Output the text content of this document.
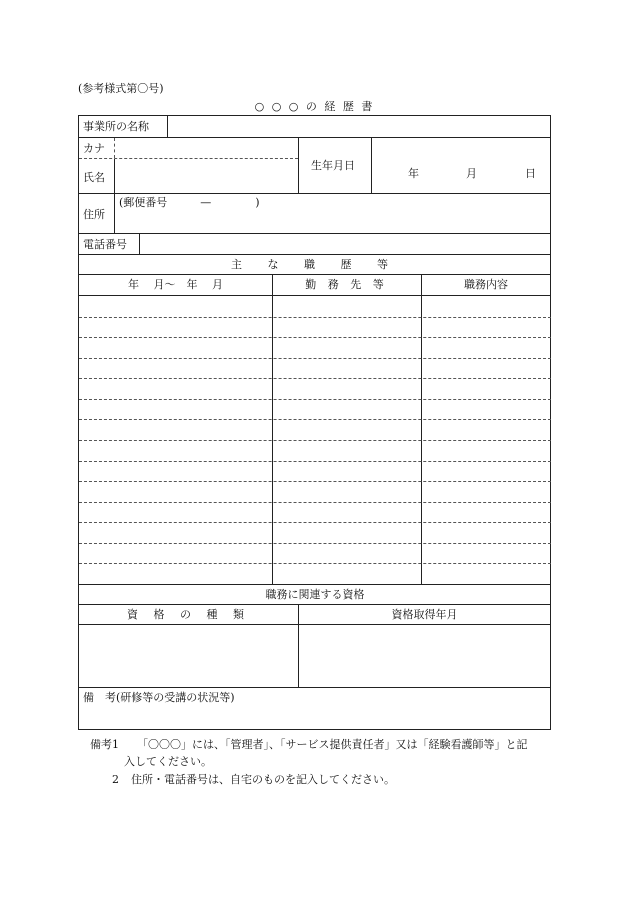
(参考様式第〇号)
○ ○ ○ の 経 歴 書
事業所の名称
カナ
氏名
生年月日
年	月	日
住所
(郵便番号　　　—　　　　)
電話番号
主 な 職 歴 等
年　 月〜　年　 月	勤 務 先 等	職務内容
職務に関連する資格
資 格 の 種 類	資格取得年月
備　考(研修等の受講の状況等)
備考1 「〇〇〇」には、「管理者」、「サービス提供責任者」又は「経験看護師等」と記
入してください。
2 住所・電話番号は、自宅のものを記入してください。
